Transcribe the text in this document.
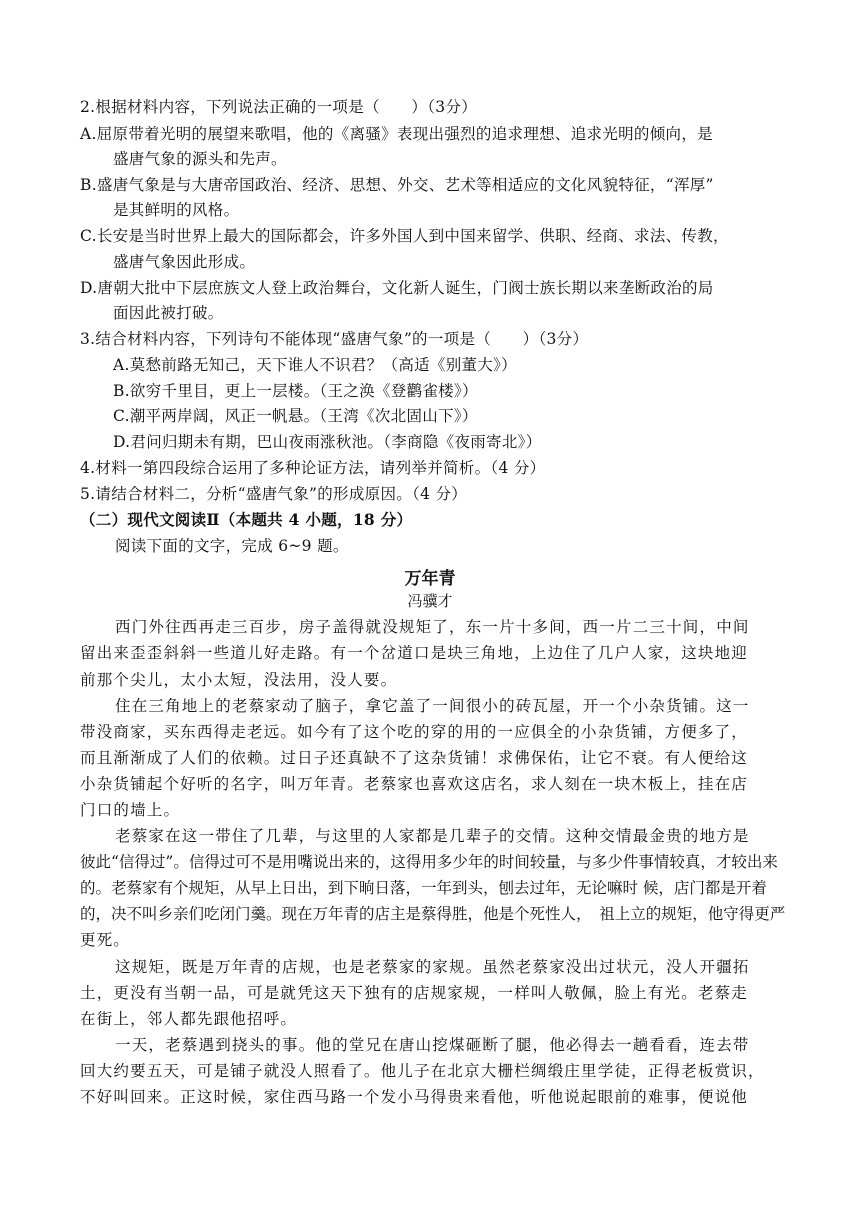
2.根据材料内容，下列说法正确的一项是（　　）（3分）
A.屈原带着光明的展望来歌唱，他的《离骚》表现出强烈的追求理想、追求光明的倾向，是
盛唐气象的源头和先声。
B.盛唐气象是与大唐帝国政治、经济、思想、外交、艺术等相适应的文化风貌特征，“浑厚”
是其鲜明的风格。
C.长安是当时世界上最大的国际都会，许多外国人到中国来留学、供职、经商、求法、传教，
盛唐气象因此形成。
D.唐朝大批中下层庶族文人登上政治舞台，文化新人诞生，门阀士族长期以来垄断政治的局
面因此被打破。
3.结合材料内容，下列诗句不能体现“盛唐气象”的一项是（　　）（3分）
A.莫愁前路无知己，天下谁人不识君？（高适《别董大》）
B.欲穷千里目，更上一层楼。（王之涣《登鹳雀楼》）
C.潮平两岸阔，风正一帆悬。（王湾《次北固山下》）
D.君问归期未有期，巴山夜雨涨秋池。（李商隐《夜雨寄北》）
4.材料一第四段综合运用了多种论证方法，请列举并简析。（4 分）
5.请结合材料二，分析“盛唐气象”的形成原因。（4 分）
（二）现代文阅读Ⅱ（本题共 4 小题，18 分）
阅读下面的文字，完成 6~9 题。
万年青
冯骥才
西门外往西再走三百步，房子盖得就没规矩了，东一片十多间，西一片二三十间，中间
留出来歪歪斜斜一些道儿好走路。有一个岔道口是块三角地，上边住了几户人家，这块地迎
前那个尖儿，太小太短，没法用，没人要。
住在三角地上的老蔡家动了脑子，拿它盖了一间很小的砖瓦屋，开一个小杂货铺。这一
带没商家，买东西得走老远。如今有了这个吃的穿的用的一应俱全的小杂货铺，方便多了，
而且渐渐成了人们的依赖。过日子还真缺不了这杂货铺！求佛保佑，让它不衰。有人便给这
小杂货铺起个好听的名字，叫万年青。老蔡家也喜欢这店名，求人刻在一块木板上，挂在店
门口的墙上。
老蔡家在这一带住了几辈，与这里的人家都是几辈子的交情。这种交情最金贵的地方是
彼此“信得过”。信得过可不是用嘴说出来的，这得用多少年的时间较量，与多少件事情较真，才较出来
的。老蔡家有个规矩，从早上日出，到下晌日落，一年到头，刨去过年，无论嘛时 候，店门都是开着
的，决不叫乡亲们吃闭门羹。现在万年青的店主是蔡得胜，他是个死性人，　祖上立的规矩，他守得更严
更死。
这规矩，既是万年青的店规，也是老蔡家的家规。虽然老蔡家没出过状元，没人开疆拓
土，更没有当朝一品，可是就凭这天下独有的店规家规，一样叫人敬佩，脸上有光。老蔡走
在街上，邻人都先跟他招呼。
一天，老蔡遇到挠头的事。他的堂兄在唐山挖煤砸断了腿，他必得去一趟看看，连去带
回大约要五天，可是铺子就没人照看了。他儿子在北京大栅栏绸缎庄里学徒，正得老板赏识，
不好叫回来。正这时候，家住西马路一个发小马得贵来看他，听他说起眼前的难事，便说他
